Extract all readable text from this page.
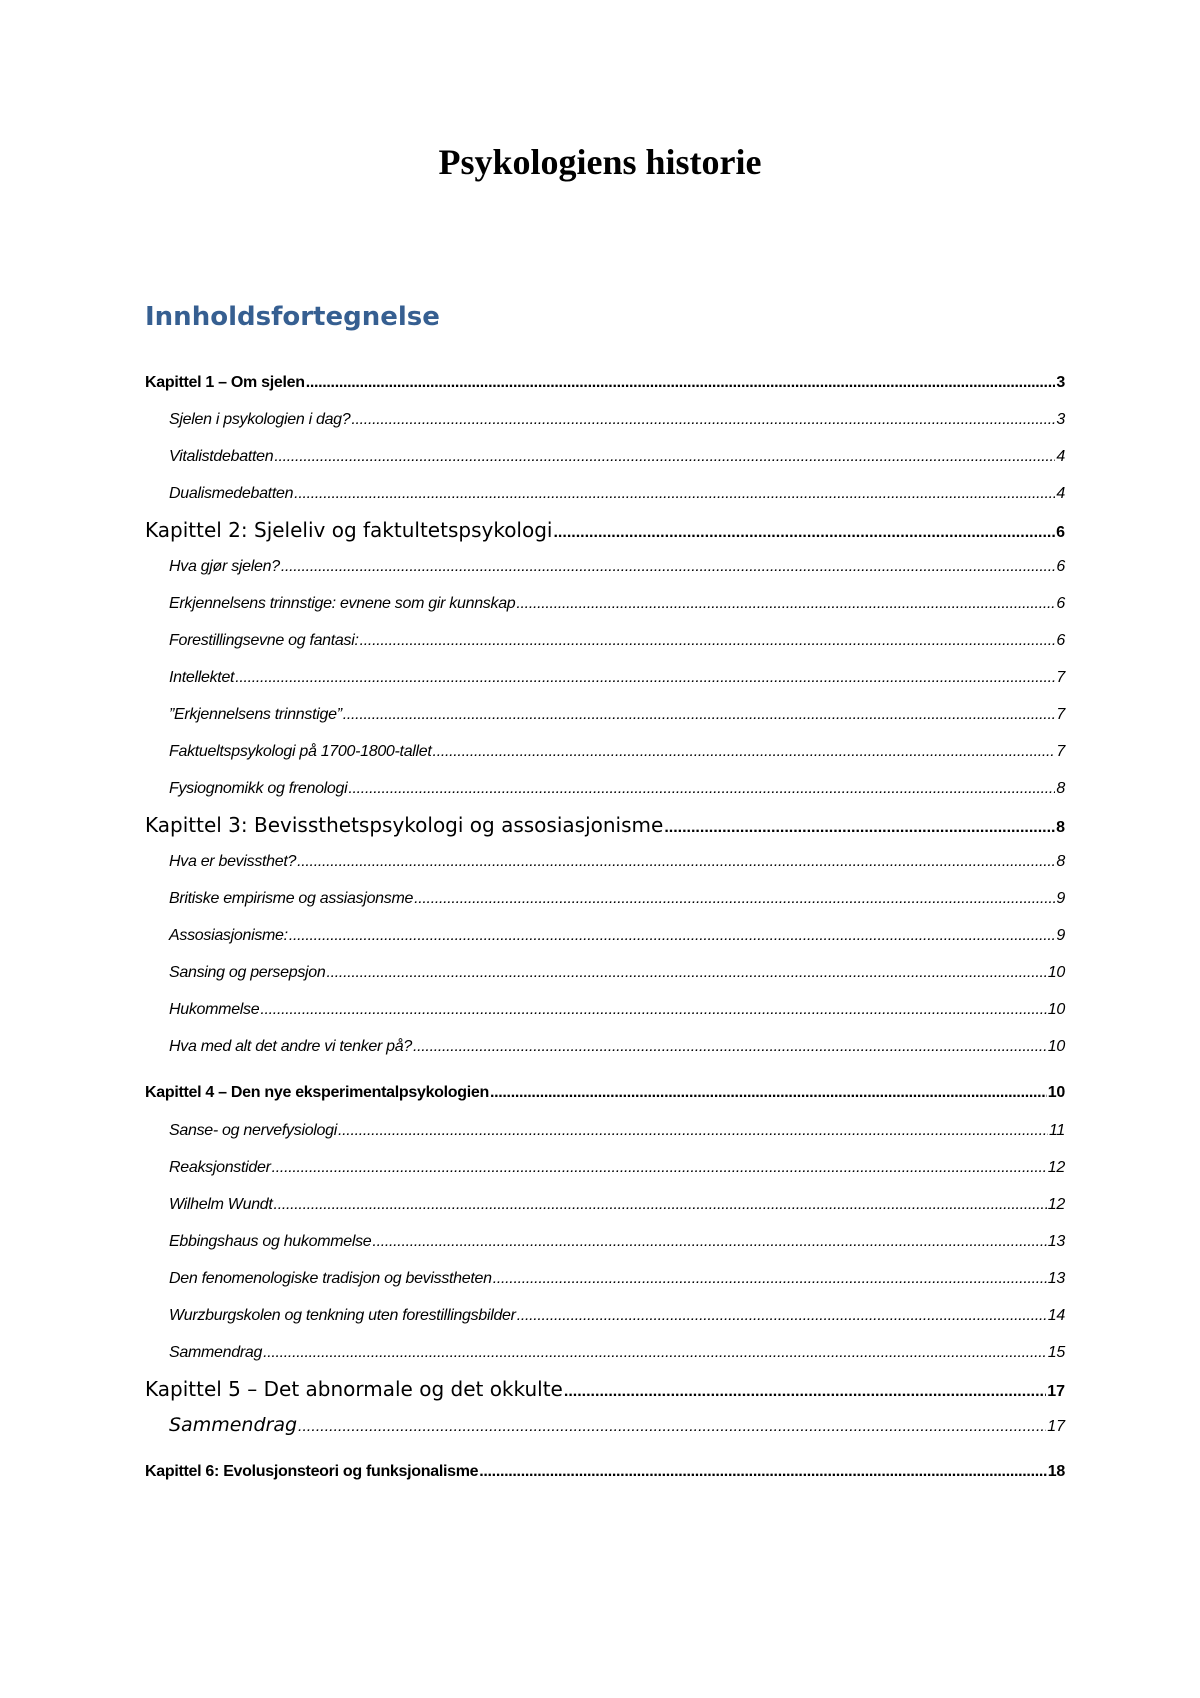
Psykologiens historie
Innholdsfortegnelse
Kapittel 1 – Om sjelen .....	3
Sjelen i psykologien i dag? .....	3
Vitalistdebatten .....	4
Dualismedebatten .....	4
Kapittel 2: Sjeleliv og faktultetspsykologi .....	6
Hva gjør sjelen? .....	6
Erkjennelsens trinnstige: evnene som gir kunnskap .....	6
Forestillingsevne og fantasi: .....	6
Intellektet .....	7
”Erkjennelsens trinnstige” .....	7
Faktueltspsykologi på 1700-1800-tallet .....	7
Fysiognomikk og frenologi .....	8
Kapittel 3: Bevissthetspsykologi og assosiasjonisme .....	8
Hva er bevissthet? .....	8
Britiske empirisme og assiasjonsme .....	9
Assosiasjonisme: .....	9
Sansing og persepsjon .....	10
Hukommelse .....	10
Hva med alt det andre vi tenker på? .....	10
Kapittel 4 – Den nye eksperimentalpsykologien .....	10
Sanse- og nervefysiologi .....	11
Reaksjonstider .....	12
Wilhelm Wundt .....	12
Ebbingshaus og hukommelse .....	13
Den fenomenologiske tradisjon og bevisstheten .....	13
Wurzburgskolen og tenkning uten forestillingsbilder .....	14
Sammendrag .....	15
Kapittel 5 – Det abnormale og det okkulte .....	17
Sammendrag .....	17
Kapittel 6: Evolusjonsteori og funksjonalisme .....	18
